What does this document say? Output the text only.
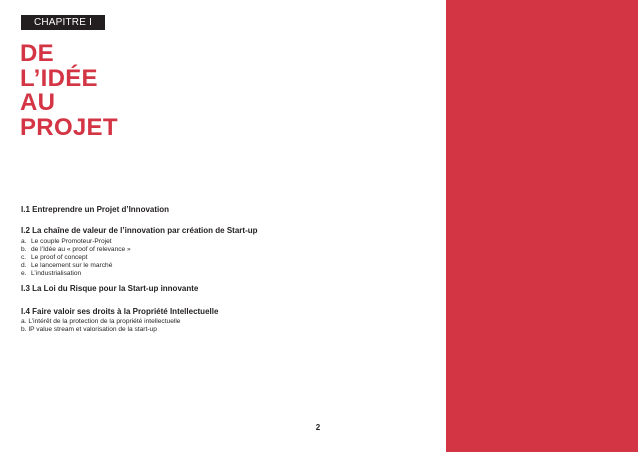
CHAPITRE I
DE
L’IDÉE
AU
PROJET
I.1 Entreprendre un Projet d’Innovation
I.2 La chaîne de valeur de l’innovation par création de Start-up
a. Le couple Promoteur-Projet
b. de l’Idée au « proof of relevance »
c. Le proof of concept
d. Le lancement sur le marché
e. L’industrialisation
I.3 La Loi du Risque pour la Start-up innovante
I.4 Faire valoir ses droits à la Propriété Intellectuelle
a. L’intérêt de la protection de la propriété intellectuelle
b. IP value stream et valorisation de la start-up
2
